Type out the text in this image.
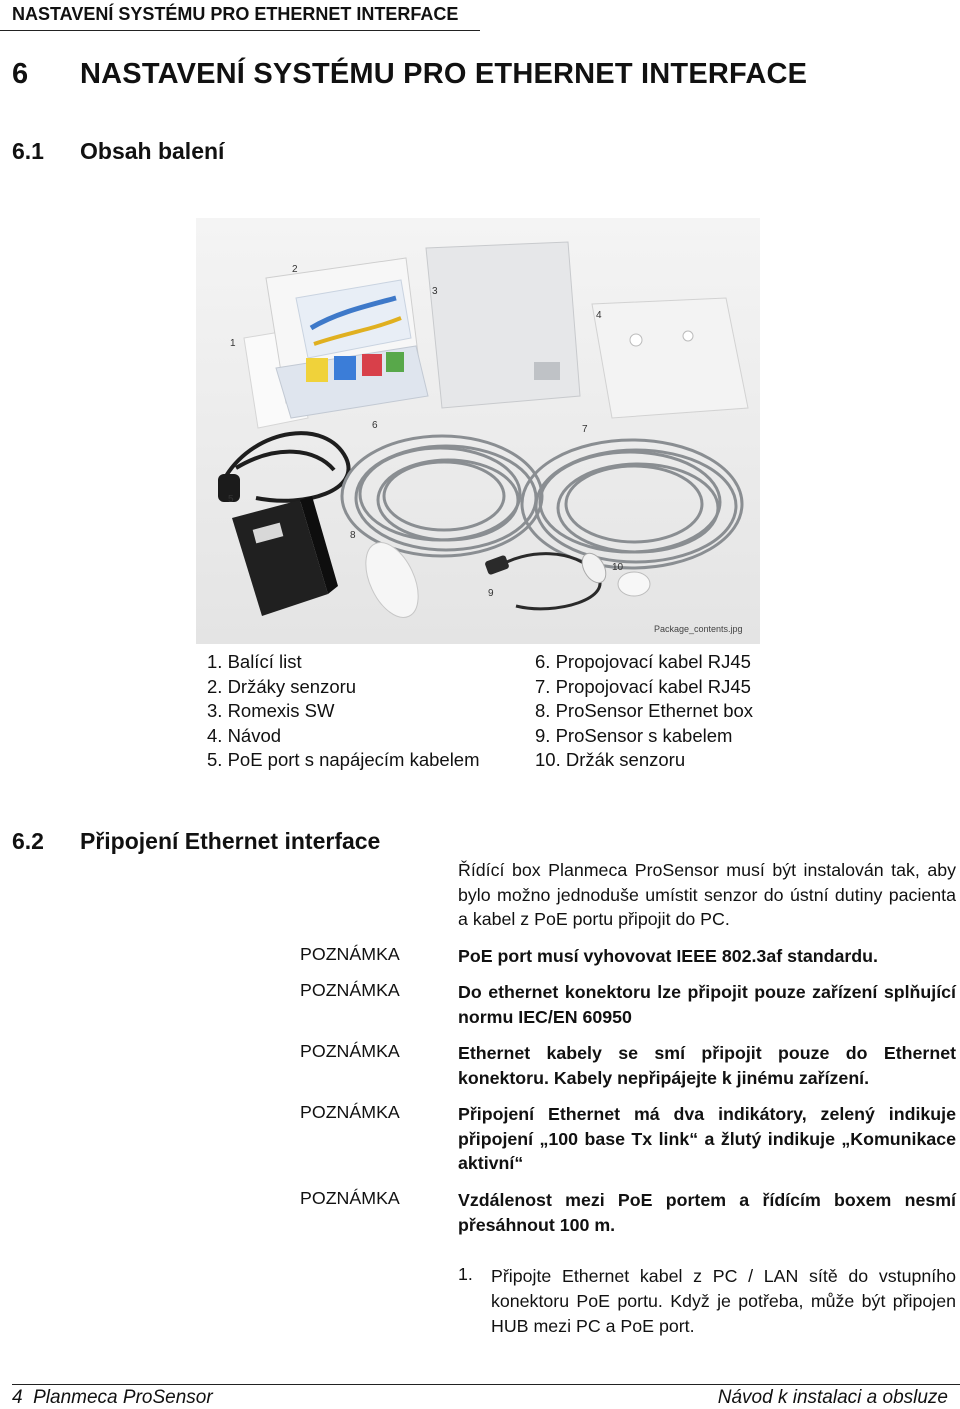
NASTAVENÍ SYSTÉMU PRO ETHERNET INTERFACE
6 NASTAVENÍ SYSTÉMU PRO ETHERNET INTERFACE
6.1 Obsah balení
2
3
1
4
5
6	7
8
9
10
Package_contents.jpg
1. Balící list
2. Držáky senzoru
3. Romexis SW
4. Návod
5. PoE port s napájecím kabelem
6. Propojovací kabel RJ45
7. Propojovací kabel RJ45
8. ProSensor Ethernet box
9. ProSensor s kabelem
10. Držák senzoru
6.2 Připojení Ethernet interface
Řídící box Planmeca ProSensor musí být instalován tak, aby bylo možno jednoduše umístit senzor do ústní dutiny pacienta a kabel z PoE portu připojit do PC.
POZNÁMKA	PoE port musí vyhovovat IEEE 802.3af standardu.
POZNÁMKA	Do ethernet konektoru lze připojit pouze zařízení splňující normu IEC/EN 60950
POZNÁMKA	Ethernet kabely se smí připojit pouze do Ethernet konektoru. Kabely nepřipájejte k jinému zařízení.
POZNÁMKA	Připojení Ethernet má dva indikátory, zelený indikuje připojení „100 base Tx link“ a žlutý indikuje „Komunikace aktivní“
POZNÁMKA	Vzdálenost mezi PoE portem a řídícím boxem nesmí přesáhnout 100 m.
1. Připojte Ethernet kabel z PC / LAN sítě do vstupního konektoru PoE portu. Když je potřeba, může být připojen HUB mezi PC a PoE port.
4  Planmeca ProSensor	Návod k instalaci a obsluze
